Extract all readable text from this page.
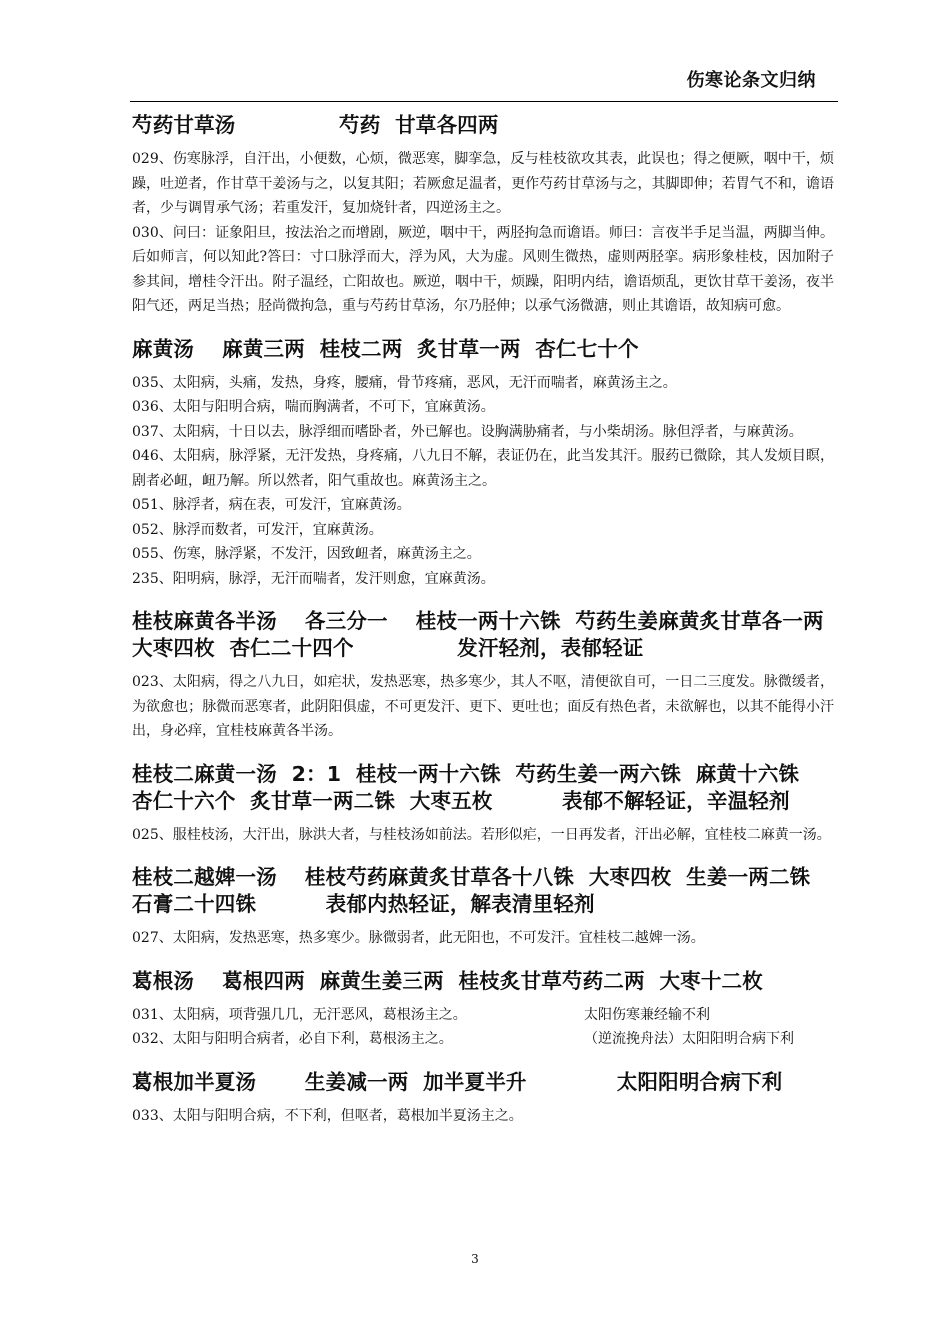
伤寒论条文归纳

芍药甘草汤　　　　　芍药  甘草各四两

029、伤寒脉浮，自汗出，小便数，心烦，微恶寒，脚挛急，反与桂枝欲攻其表，此误也；得之便厥，咽中干，烦躁，吐逆者，作甘草干姜汤与之，以复其阳；若厥愈足温者，更作芍药甘草汤与之，其脚即伸；若胃气不和，谵语者，少与调胃承气汤；若重发汗，复加烧针者，四逆汤主之。

030、问曰：证象阳旦，按法治之而增剧，厥逆，咽中干，两胫拘急而谵语。师曰：言夜半手足当温，两脚当伸。后如师言，何以知此?答曰：寸口脉浮而大，浮为风，大为虚。风则生微热，虚则两胫挛。病形象桂枝，因加附子参其间，增桂令汗出。附子温经，亡阳故也。厥逆，咽中干，烦躁，阳明内结，谵语烦乱，更饮甘草干姜汤，夜半阳气还，两足当热；胫尚微拘急，重与芍药甘草汤，尔乃胫伸；以承气汤微溏，则止其谵语，故知病可愈。

麻黄汤　 麻黄三两  桂枝二两  炙甘草一两  杏仁七十个

035、太阳病，头痛，发热，身疼，腰痛，骨节疼痛，恶风，无汗而喘者，麻黄汤主之。

036、太阳与阳明合病，喘而胸满者，不可下，宜麻黄汤。

037、太阳病，十日以去，脉浮细而嗜卧者，外已解也。设胸满胁痛者，与小柴胡汤。脉但浮者，与麻黄汤。

046、太阳病，脉浮紧，无汗发热，身疼痛，八九日不解，表证仍在，此当发其汗。服药已微除，其人发烦目瞑，剧者必衄，衄乃解。所以然者，阳气重故也。麻黄汤主之。

051、脉浮者，病在表，可发汗，宜麻黄汤。

052、脉浮而数者，可发汗，宜麻黄汤。

055、伤寒，脉浮紧，不发汗，因致衄者，麻黄汤主之。

235、阳明病，脉浮，无汗而喘者，发汗则愈，宜麻黄汤。

桂枝麻黄各半汤　 各三分一　 桂枝一两十六铢  芍药生姜麻黄炙甘草各一两  大枣四枚  杏仁二十四个　　　　　发汗轻剂，表郁轻证

023、太阳病，得之八九日，如疟状，发热恶寒，热多寒少，其人不呕，清便欲自可，一日二三度发。脉微缓者，为欲愈也；脉微而恶寒者，此阴阳俱虚，不可更发汗、更下、更吐也；面反有热色者，未欲解也，以其不能得小汗出，身必痒，宜桂枝麻黄各半汤。

桂枝二麻黄一汤  2：1  桂枝一两十六铢  芍药生姜一两六铢  麻黄十六铢  杏仁十六个  炙甘草一两二铢  大枣五枚　　　 表郁不解轻证，辛温轻剂

025、服桂枝汤，大汗出，脉洪大者，与桂枝汤如前法。若形似疟，一日再发者，汗出必解，宜桂枝二麻黄一汤。

桂枝二越婢一汤　 桂枝芍药麻黄炙甘草各十八铢  大枣四枚  生姜一两二铢  石膏二十四铢　　　 表郁内热轻证，解表清里轻剂

027、太阳病，发热恶寒，热多寒少。脉微弱者，此无阳也，不可发汗。宜桂枝二越婢一汤。

葛根汤　 葛根四两  麻黄生姜三两  桂枝炙甘草芍药二两  大枣十二枚

031、太阳病，项背强几几，无汗恶风，葛根汤主之。	太阳伤寒兼经输不利
032、太阳与阳明合病者，必自下利，葛根汤主之。	（逆流挽舟法）太阳阳明合病下利

葛根加半夏汤　　 生姜减一两  加半夏半升　　　　 太阳阳明合病下利

033、太阳与阳明合病，不下利，但呕者，葛根加半夏汤主之。

3
